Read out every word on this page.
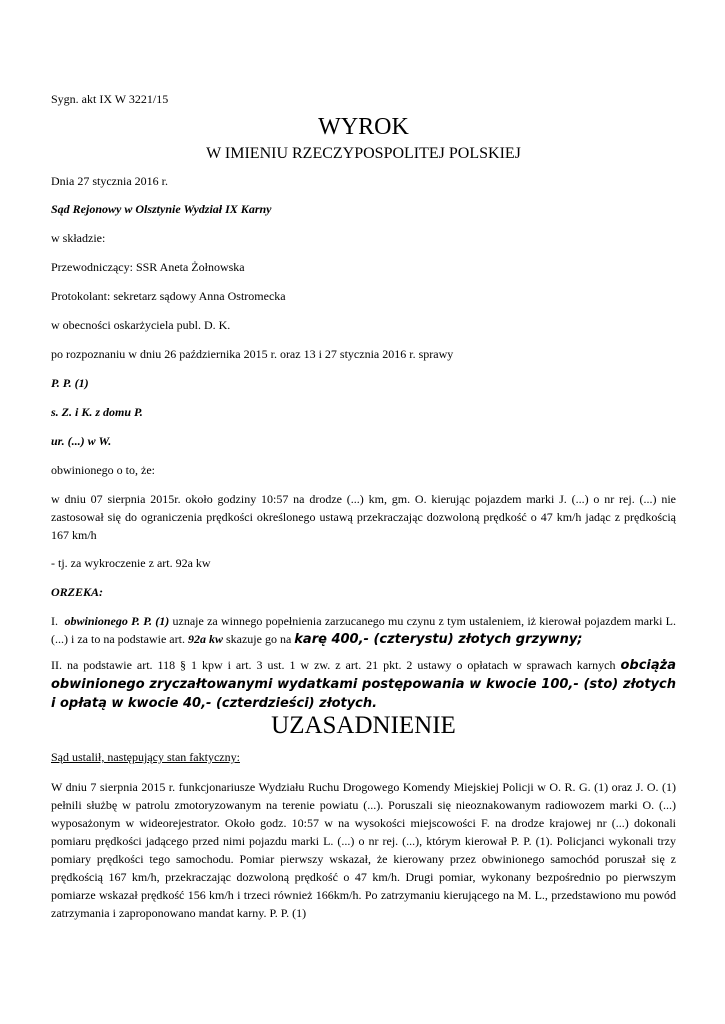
Sygn. akt IX W 3221/15

WYROK
W IMIENIU RZECZYPOSPOLITEJ POLSKIEJ

Dnia 27 stycznia 2016 r.

Sąd Rejonowy w Olsztynie Wydział IX Karny

w składzie:

Przewodniczący: SSR Aneta Żołnowska

Protokolant: sekretarz sądowy Anna Ostromecka

w obecności oskarżyciela publ. D. K.

po rozpoznaniu w dniu 26 października 2015 r. oraz 13 i 27 stycznia 2016 r. sprawy

P. P. (1)

s. Z. i K. z domu P.

ur. (...) w W.

obwinionego o to, że:

w dniu 07 sierpnia 2015r. około godziny 10:57 na drodze (...) km, gm. O. kierując pojazdem marki J. (...) o nr rej. (...) nie zastosował się do ograniczenia prędkości określonego ustawą przekraczając dozwoloną prędkość o 47 km/h jadąc z prędkością 167 km/h

- tj. za wykroczenie z art. 92a kw

ORZEKA:

I. obwinionego P. P. (1) uznaje za winnego popełnienia zarzucanego mu czynu z tym ustaleniem, iż kierował pojazdem marki L. (...) i za to na podstawie art. 92a kw skazuje go na karę 400,- (czterystu) złotych grzywny;

II. na podstawie art. 118 § 1 kpw i art. 3 ust. 1 w zw. z art. 21 pkt. 2 ustawy o opłatach w sprawach karnych obciąża obwinionego zryczałtowanymi wydatkami postępowania w kwocie 100,- (sto) złotych i opłatą w kwocie 40,- (czterdzieści) złotych.

UZASADNIENIE

Sąd ustalił, następujący stan faktyczny:

W dniu 7 sierpnia 2015 r. funkcjonariusze Wydziału Ruchu Drogowego Komendy Miejskiej Policji w O. R. G. (1) oraz J. O. (1) pełnili służbę w patrolu zmotoryzowanym na terenie powiatu (...). Poruszali się nieoznakowanym radiowozem marki O. (...) wyposażonym w wideorejestrator. Około godz. 10:57 w na wysokości miejscowości F. na drodze krajowej nr (...) dokonali pomiaru prędkości jadącego przed nimi pojazdu marki L. (...) o nr rej. (...), którym kierował P. P. (1). Policjanci wykonali trzy pomiary prędkości tego samochodu. Pomiar pierwszy wskazał, że kierowany przez obwinionego samochód poruszał się z prędkością 167 km/h, przekraczając dozwoloną prędkość o 47 km/h. Drugi pomiar, wykonany bezpośrednio po pierwszym pomiarze wskazał prędkość 156 km/h i trzeci również 166km/h. Po zatrzymaniu kierującego na M. L., przedstawiono mu powód zatrzymania i zaproponowano mandat karny. P. P. (1)
